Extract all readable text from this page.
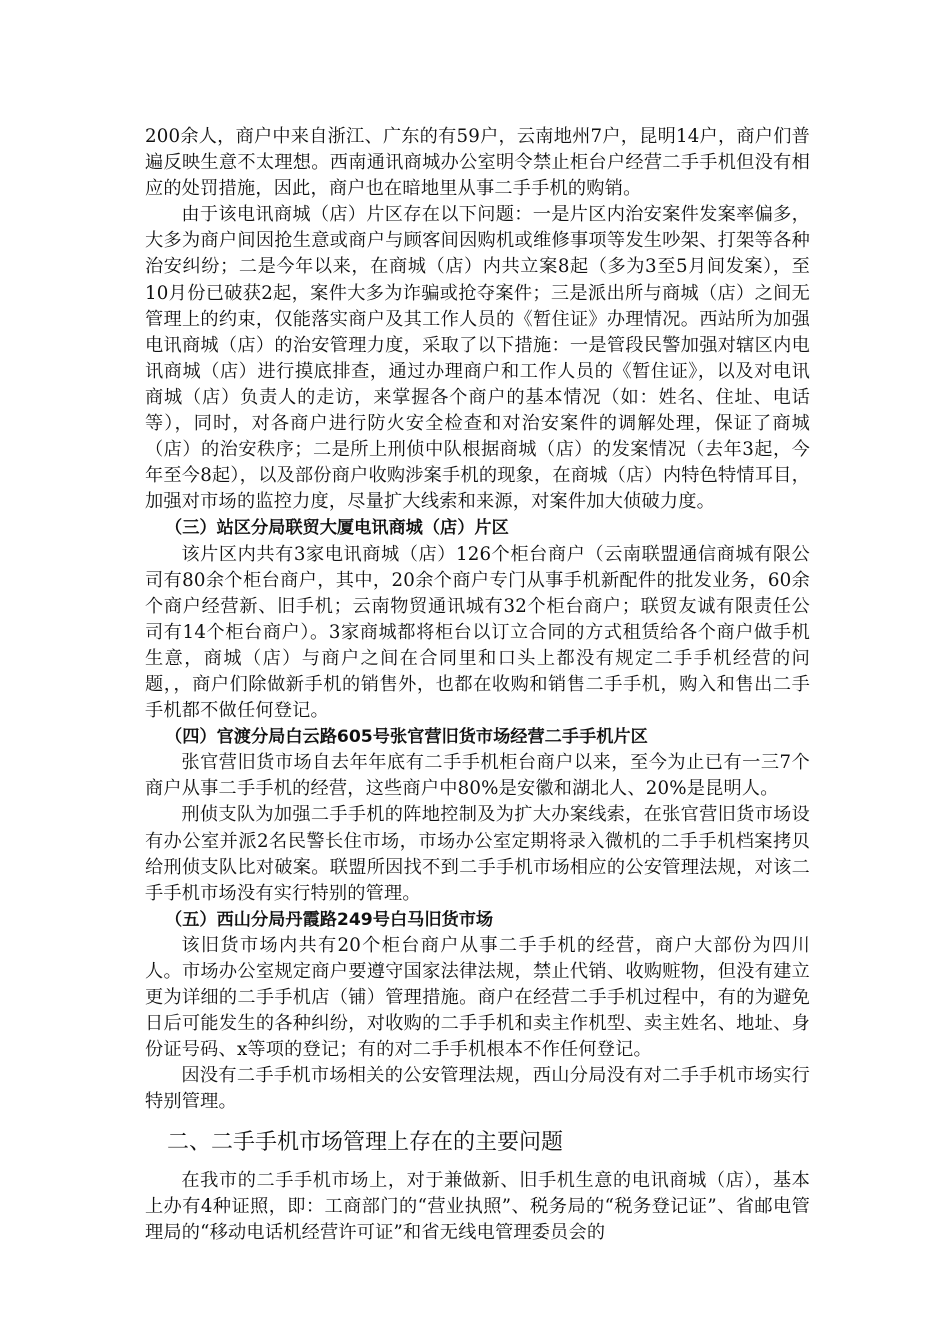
200余人，商户中来自浙江、广东的有59户，云南地州7户，昆明14户，商户们普遍反映生意不太理想。西南通讯商城办公室明令禁止柜台户经营二手手机但没有相应的处罚措施，因此，商户也在暗地里从事二手手机的购销。

由于该电讯商城（店）片区存在以下问题：一是片区内治安案件发案率偏多，大多为商户间因抢生意或商户与顾客间因购机或维修事项等发生吵架、打架等各种治安纠纷；二是今年以来，在商城（店）内共立案8起（多为3至5月间发案），至10月份已破获2起，案件大多为诈骗或抢夺案件；三是派出所与商城（店）之间无管理上的约束，仅能落实商户及其工作人员的《暂住证》办理情况。西站所为加强电讯商城（店）的治安管理力度，采取了以下措施：一是管段民警加强对辖区内电讯商城（店）进行摸底排查，通过办理商户和工作人员的《暂住证》，以及对电讯商城（店）负责人的走访，来掌握各个商户的基本情况（如：姓名、住址、电话等），同时，对各商户进行防火安全检查和对治安案件的调解处理，保证了商城（店）的治安秩序；二是所上刑侦中队根据商城（店）的发案情况（去年3起，今年至今8起），以及部份商户收购涉案手机的现象，在商城（店）内特色特情耳目，加强对市场的监控力度，尽量扩大线索和来源，对案件加大侦破力度。

（三）站区分局联贸大厦电讯商城（店）片区

该片区内共有3家电讯商城（店）126个柜台商户（云南联盟通信商城有限公司有80余个柜台商户，其中，20余个商户专门从事手机新配件的批发业务，60余个商户经营新、旧手机；云南物贸通讯城有32个柜台商户；联贸友诚有限责任公司有14个柜台商户）。3家商城都将柜台以订立合同的方式租赁给各个商户做手机生意，商城（店）与商户之间在合同里和口头上都没有规定二手手机经营的问题，，商户们除做新手机的销售外，也都在收购和销售二手手机，购入和售出二手手机都不做任何登记。

（四）官渡分局白云路605号张官营旧货市场经营二手手机片区

张官营旧货市场自去年年底有二手手机柜台商户以来，至今为止已有一三7个商户从事二手手机的经营，这些商户中80%是安徽和湖北人、20%是昆明人。

刑侦支队为加强二手手机的阵地控制及为扩大办案线索，在张官营旧货市场设有办公室并派2名民警长住市场，市场办公室定期将录入微机的二手手机档案拷贝给刑侦支队比对破案。联盟所因找不到二手手机市场相应的公安管理法规，对该二手手机市场没有实行特别的管理。

（五）西山分局丹霞路249号白马旧货市场

该旧货市场内共有20个柜台商户从事二手手机的经营，商户大部份为四川人。市场办公室规定商户要遵守国家法律法规，禁止代销、收购赃物，但没有建立更为详细的二手手机店（铺）管理措施。商户在经营二手手机过程中，有的为避免日后可能发生的各种纠纷，对收购的二手手机和卖主作机型、卖主姓名、地址、身份证号码、x等项的登记；有的对二手手机根本不作任何登记。

因没有二手手机市场相关的公安管理法规，西山分局没有对二手手机市场实行特别管理。

二、二手手机市场管理上存在的主要问题

在我市的二手手机市场上，对于兼做新、旧手机生意的电讯商城（店），基本上办有4种证照，即：工商部门的“营业执照”、税务局的“税务登记证”、省邮电管理局的“移动电话机经营许可证”和省无线电管理委员会的
